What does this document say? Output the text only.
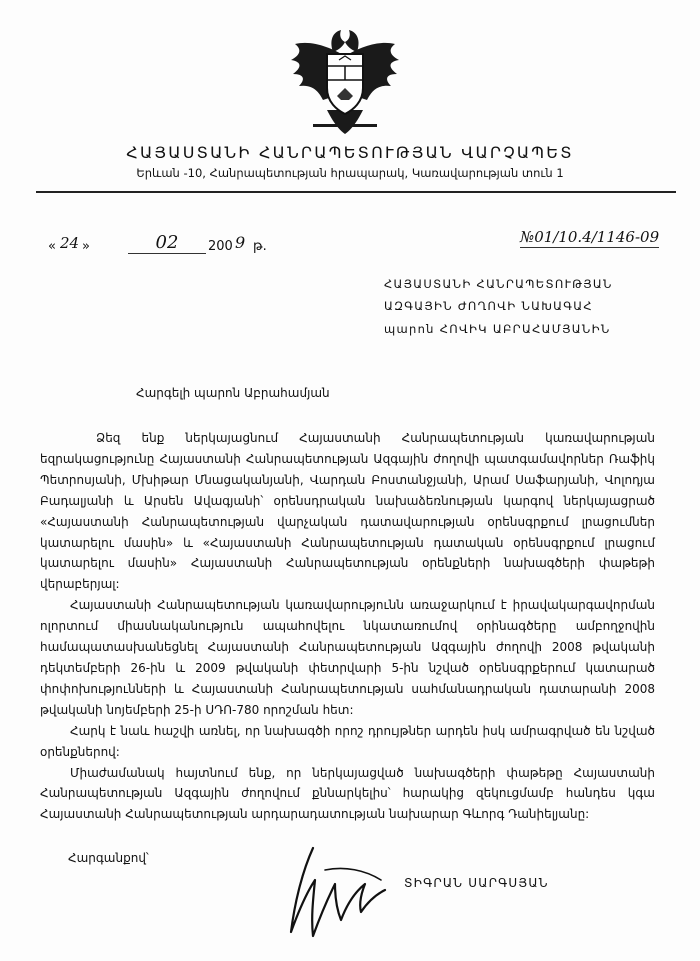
ՀԱՅԱՍՏԱՆԻ ՀԱՆՐԱՊԵՏՈՒԹՅԱՆ ՎԱՐՉԱՊԵՏ
Երևան -10, Հանրապետության հրապարակ, Կառավարության տուն 1
« 24 »	02	200 9 թ.
№01/10.4/1146-09
ՀԱՅԱՍՏԱՆԻ ՀԱՆՐԱՊԵՏՈՒԹՅԱՆ
ԱԶԳԱՅԻՆ ԺՈՂՈՎԻ ՆԱԽԱԳԱՀ
պարոն ՀՈՎԻԿ ԱԲՐԱՀԱՄՅԱՆԻՆ
Հարգելի պարոն Աբրահամյան

Ձեզ ենք ներկայացնում Հայաստանի Հանրապետության կառավարության եզրակացությունը Հայաստանի Հանրապետության Ազգային ժողովի պատգամավորներ Ռաֆիկ Պետրոսյանի, Մխիթար Մնացականյանի, Վարդան Բոստանջյանի, Արամ Սաֆարյանի, Վոլոդյա Բադալյանի և Արսեն Ավագյանի՝ օրենսդրական նախաձեռնության կարգով ներկայացրած «Հայաստանի Հանրապետության վարչական դատավարության օրենսգրքում լրացումներ կատարելու մասին» և «Հայաստանի Հանրապետության դատական օրենսգրքում լրացում կատարելու մասին» Հայաստանի Հանրապետության օրենքների նախագծերի փաթեթի վերաբերյալ:

Հայաստանի Հանրապետության կառավարությունն առաջարկում է իրավակարգավորման ոլորտում միասնականություն ապահովելու նկատառումով օրինագծերը ամբողջովին համապատասխանեցնել Հայաստանի Հանրապետության Ազգային ժողովի 2008 թվականի դեկտեմբերի 26-ին և 2009 թվականի փետրվարի 5-ին նշված օրենսգրքերում կատարած փոփոխությունների և Հայաստանի Հանրապետության սահմանադրական դատարանի 2008 թվականի նոյեմբերի 25-ի ՍԴՈ-780 որոշման հետ:

Հարկ է նաև հաշվի առնել, որ նախագծի որոշ դրույթներ արդեն իսկ ամրագրված են նշված օրենքներով:

Միաժամանակ հայտնում ենք, որ ներկայացված նախագծերի փաթեթը Հայաստանի Հանրապետության Ազգային ժողովում քննարկելիս՝ հարակից զեկուցմամբ հանդես կգա Հայաստանի Հանրապետության արդարադատության նախարար Գևորգ Դանիելյանը:

Հարգանքով՝
ՏԻԳՐԱՆ ՍԱՐԳՍՅԱՆ
